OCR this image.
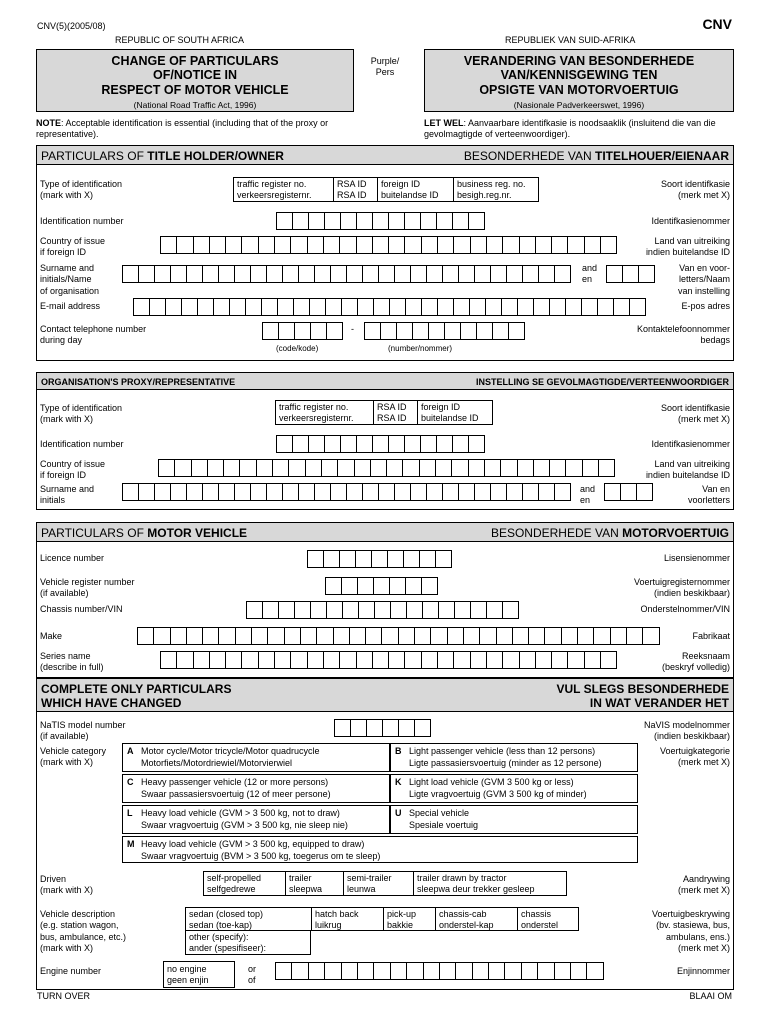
CNV(5)(2005/08)	CNV
REPUBLIC OF SOUTH AFRICA	REPUBLIEK VAN SUID-AFRIKA
CHANGE OF PARTICULARS
OF/NOTICE IN
RESPECT OF MOTOR VEHICLE
(National Road Traffic Act, 1996)
Purple/
Pers
VERANDERING VAN BESONDERHEDE
VAN/KENNISGEWING TEN
OPSIGTE VAN MOTORVOERTUIG
(Nasionale Padverkeerswet, 1996)
NOTE: Acceptable identification is essential (including that of the proxy or representative).
LET WEL: Aanvaarbare identifkasie is noodsaaklik (insluitend die van die gevolmagtigde of verteenwoordiger).
PARTICULARS OF TITLE HOLDER/OWNER	BESONDERHEDE VAN TITELHOUER/EIENAAR
Type of identification
(mark with X)
Soort identifkasie
(merk met X)
traffic register no.
verkeersregisternr.
RSA ID
RSA ID
foreign ID
buitelandse ID
business reg. no.
besigh.reg.nr.
Identification number	Identifkasienommer
Country of issue
if foreign ID
Land van uitreiking
indien buitelandse ID
Surname and
initials/Name
of organisation
Van en voor-
letters/Naam
van instelling
and
en
E-mail address	E-pos adres
Contact telephone number
during day
Kontaktelefoonnommer
bedags
-
(code/kode)	(number/nommer)
ORGANISATION'S PROXY/REPRESENTATIVE	INSTELLING SE GEVOLMAGTIGDE/VERTEENWOORDIGER
Type of identification
(mark with X)
Soort identifkasie
(merk met X)
traffic register no.
verkeersregisternr.
RSA ID
RSA ID
foreign ID
buitelandse ID
Identification number	Identifkasienommer
Country of issue
if foreign ID
Land van uitreiking
indien buitelandse ID
Surname and
initials
Van en
voorletters
and
en
PARTICULARS OF MOTOR VEHICLE	BESONDERHEDE VAN MOTORVOERTUIG
Licence number	Lisensienommer
Vehicle register number
(if available)
Voertuigregisternommer
(indien beskikbaar)
Chassis number/VIN	Onderstelnommer/VIN
Make	Fabrikaat
Series name
(describe in full)
Reeksnaam
(beskryf volledig)
COMPLETE ONLY PARTICULARS
WHICH HAVE CHANGED
VUL SLEGS BESONDERHEDE
IN WAT VERANDER HET
NaTIS model number
(if available)
NaVIS modelnommer
(indien beskikbaar)
Vehicle category
(mark with X)
Voertuigkategorie
(merk met X)
A Motor cycle/Motor tricycle/Motor quadrucycle
Motorfiets/Motordriewiel/Motorvierwiel
B Light passenger vehicle (less than 12 persons)
Ligte passasiersvoertuig (minder as 12 persone)
C Heavy passenger vehicle (12 or more persons)
Swaar passasiersvoertuig (12 of meer persone)
K Light load vehicle (GVM 3 500 kg or less)
Ligte vragvoertuig (GVM 3 500 kg of minder)
L Heavy load vehicle (GVM > 3 500 kg, not to draw)
Swaar vragvoertuig (GVM > 3 500 kg, nie sleep nie)
U Special vehicle
Spesiale voertuig
M Heavy load vehicle (GVM > 3 500 kg, equipped to draw)
Swaar vragvoertuig (BVM > 3 500 kg, toegerus om te sleep)
Driven
(mark with X)
Aandrywing
(merk met X)
self-propelled
selfgedrewe
trailer
sleepwa
semi-trailer
leunwa
trailer drawn by tractor
sleepwa deur trekker gesleep
Vehicle description
(e.g. station wagon,
bus, ambulance, etc.)
(mark with X)
Voertuigbeskrywing
(bv. stasiewa, bus,
ambulans, ens.)
(merk met X)
sedan (closed top)
sedan (toe-kap)
hatch back
luikrug
pick-up
bakkie
chassis-cab
onderstel-kap
chassis
onderstel
other (specify):
ander (spesifiseer):
Engine number	Enjinnommer
no engine
geen enjin
or
of
TURN OVER	BLAAI OM
